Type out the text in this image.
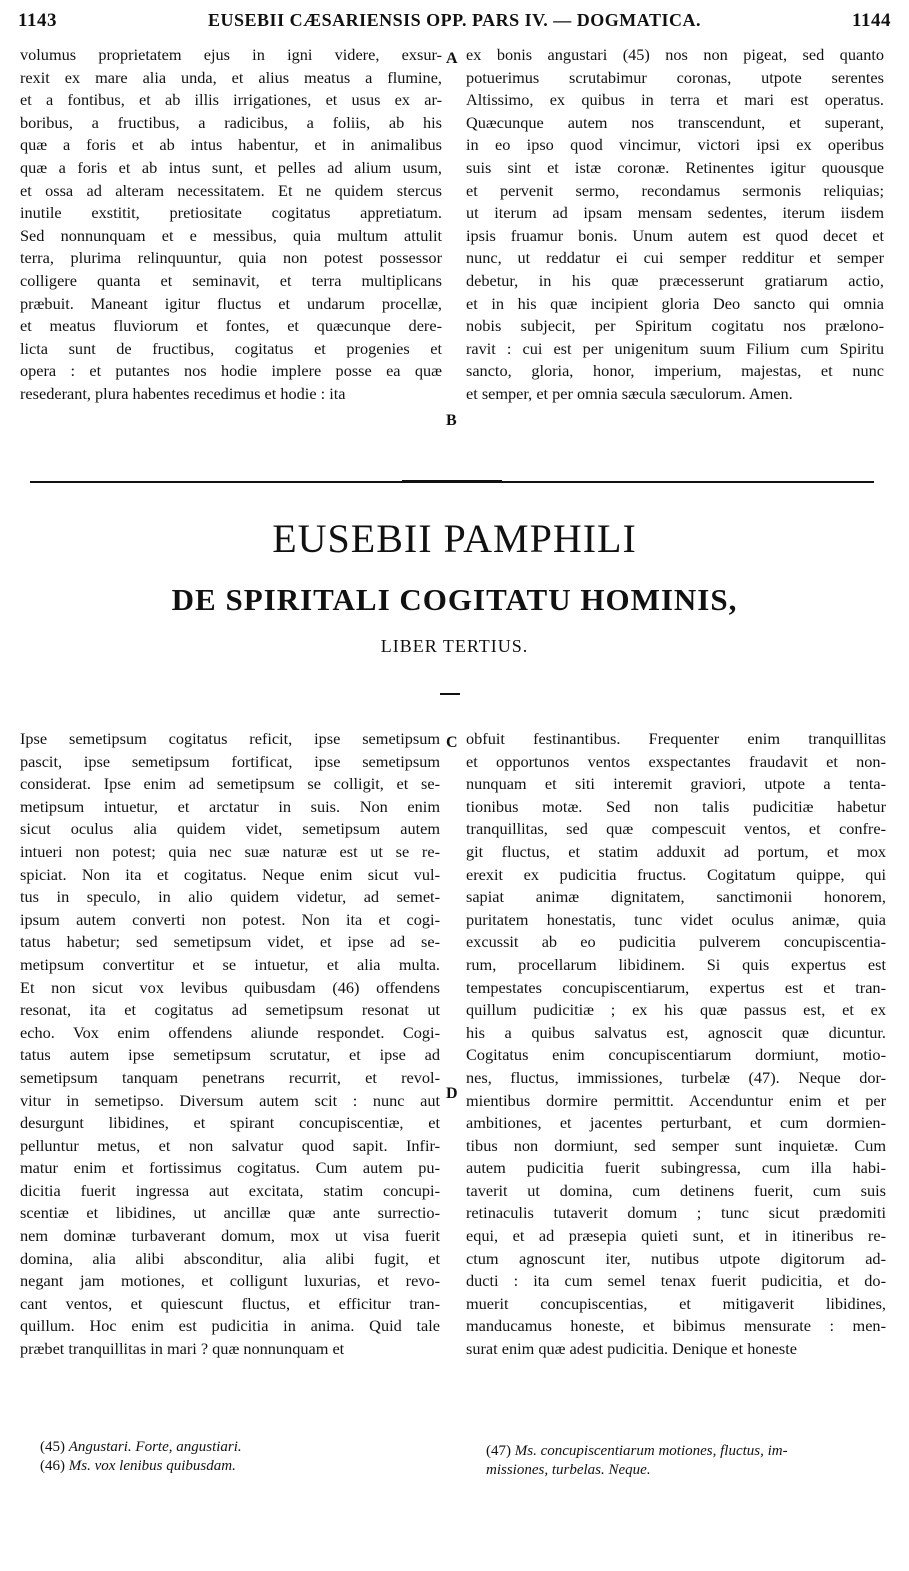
1143	EUSEBII CÆSARIENSIS OPP. PARS IV. — DOGMATICA.	1144
volumus proprietatem ejus in igni videre, exsur-
rexit ex mare alia unda, et alius meatus a flumine,
et a fontibus, et ab illis irrigationes, et usus ex ar-
boribus, a fructibus, a radicibus, a foliis, ab his
quæ a foris et ab intus habentur, et in animalibus
quæ a foris et ab intus sunt, et pelles ad alium usum,
et ossa ad alteram necessitatem. Et ne quidem stercus
inutile exstitit, pretiositate cogitatus appretiatum.
Sed nonnunquam et e messibus, quia multum attulit
terra, plurima relinquuntur, quia non potest possessor
colligere quanta et seminavit, et terra multiplicans
præbuit. Maneant igitur fluctus et undarum procellæ,
et meatus fluviorum et fontes, et quæcunque dere-
licta sunt de fructibus, cogitatus et progenies et
opera : et putantes nos hodie implere posse ea quæ
resederant, plura habentes recedimus et hodie : ita
A
B
ex bonis angustari (45) nos non pigeat, sed quanto
potuerimus scrutabimur coronas, utpote serentes
Altissimo, ex quibus in terra et mari est operatus.
Quæcunque autem nos transcendunt, et superant,
in eo ipso quod vincimur, victori ipsi ex operibus
suis sint et istæ coronæ. Retinentes igitur quousque
et pervenit sermo, recondamus sermonis reliquias;
ut iterum ad ipsam mensam sedentes, iterum iisdem
ipsis fruamur bonis. Unum autem est quod decet et
nunc, ut reddatur ei cui semper redditur et semper
debetur, in his quæ præcesserunt gratiarum actio,
et in his quæ incipient gloria Deo sancto qui omnia
nobis subjecit, per Spiritum cogitatu nos prælono-
ravit : cui est per unigenitum suum Filium cum Spiritu
sancto, gloria, honor, imperium, majestas, et nunc
et semper, et per omnia sæcula sæculorum. Amen.
EUSEBII PAMPHILI
DE SPIRITALI COGITATU HOMINIS,
LIBER TERTIUS.
Ipse semetipsum cogitatus reficit, ipse semetipsum
pascit, ipse semetipsum fortificat, ipse semetipsum
considerat. Ipse enim ad semetipsum se colligit, et se-
metipsum intuetur, et arctatur in suis. Non enim
sicut oculus alia quidem videt, semetipsum autem
intueri non potest; quia nec suæ naturæ est ut se re-
spiciat. Non ita et cogitatus. Neque enim sicut vul-
tus in speculo, in alio quidem videtur, ad semet-
ipsum autem converti non potest. Non ita et cogi-
tatus habetur; sed semetipsum videt, et ipse ad se-
metipsum convertitur et se intuetur, et alia multa.
Et non sicut vox levibus quibusdam (46) offendens
resonat, ita et cogitatus ad semetipsum resonat ut
echo. Vox enim offendens aliunde respondet. Cogi-
tatus autem ipse semetipsum scrutatur, et ipse ad
semetipsum tanquam penetrans recurrit, et revol-
vitur in semetipso. Diversum autem scit : nunc aut
desurgunt libidines, et spirant concupiscentiæ, et
pelluntur metus, et non salvatur quod sapit. Infir-
matur enim et fortissimus cogitatus. Cum autem pu-
dicitia fuerit ingressa aut excitata, statim concupi-
scentiæ et libidines, ut ancillæ quæ ante surrectio-
nem dominæ turbaverant domum, mox ut visa fuerit
domina, alia alibi absconditur, alia alibi fugit, et
negant jam motiones, et colligunt luxurias, et revo-
cant ventos, et quiescunt fluctus, et efficitur tran-
quillum. Hoc enim est pudicitia in anima. Quid tale
præbet tranquillitas in mari ? quæ nonnunquam et
C
D
obfuit festinantibus. Frequenter enim tranquillitas
et opportunos ventos exspectantes fraudavit et non-
nunquam et siti interemit graviori, utpote a tenta-
tionibus motæ. Sed non talis pudicitiæ habetur
tranquillitas, sed quæ compescuit ventos, et confre-
git fluctus, et statim adduxit ad portum, et mox
erexit ex pudicitia fructus. Cogitatum quippe, qui
sapiat animæ dignitatem, sanctimonii honorem,
puritatem honestatis, tunc videt oculus animæ, quia
excussit ab eo pudicitia pulverem concupiscentia-
rum, procellarum libidinem. Si quis expertus est
tempestates concupiscentiarum, expertus est et tran-
quillum pudicitiæ ; ex his quæ passus est, et ex
his a quibus salvatus est, agnoscit quæ dicuntur.
Cogitatus enim concupiscentiarum dormiunt, motio-
nes, fluctus, immissiones, turbelæ (47). Neque dor-
mientibus dormire permittit. Accenduntur enim et per
ambitiones, et jacentes perturbant, et cum dormien-
tibus non dormiunt, sed semper sunt inquietæ. Cum
autem pudicitia fuerit subingressa, cum illa habi-
taverit ut domina, cum detinens fuerit, cum suis
retinaculis tutaverit domum ; tunc sicut prædomiti
equi, et ad præsepia quieti sunt, et in itineribus re-
ctum agnoscunt iter, nutibus utpote digitorum ad-
ducti : ita cum semel tenax fuerit pudicitia, et do-
muerit concupiscentias, et mitigaverit libidines,
manducamus honeste, et bibimus mensurate : men-
surat enim quæ adest pudicitia. Denique et honeste
(45) Angustari. Forte, angustiari.
(46) Ms. vox lenibus quibusdam.
(47) Ms. concupiscentiarum motiones, fluctus, im-
missiones, turbelas. Neque.
